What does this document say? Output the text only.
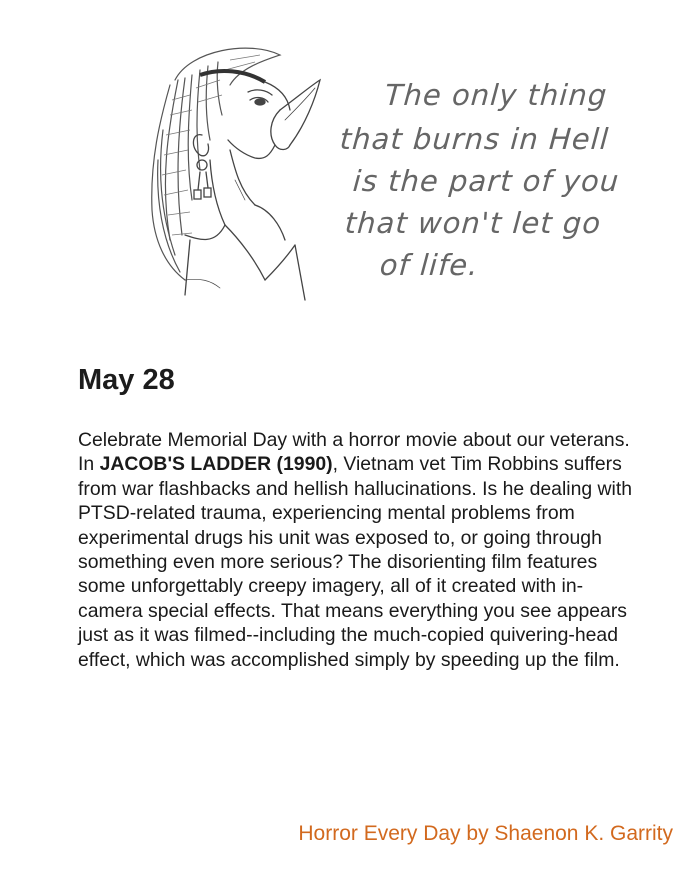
The only thing
that burns in Hell
is the part of you
that won't let go
of life.
May 28

Celebrate Memorial Day with a horror movie about our veterans. In JACOB'S LADDER (1990), Vietnam vet Tim Robbins suffers from war flashbacks and hellish hallucinations. Is he dealing with PTSD-related trauma, experiencing mental problems from experimental drugs his unit was exposed to, or going through something even more serious? The disorienting film features some unforgettably creepy imagery, all of it created with in-camera special effects. That means everything you see appears just as it was filmed--including the much-copied quivering-head effect, which was accomplished simply by speeding up the film.

Horror Every Day by Shaenon K. Garrity
